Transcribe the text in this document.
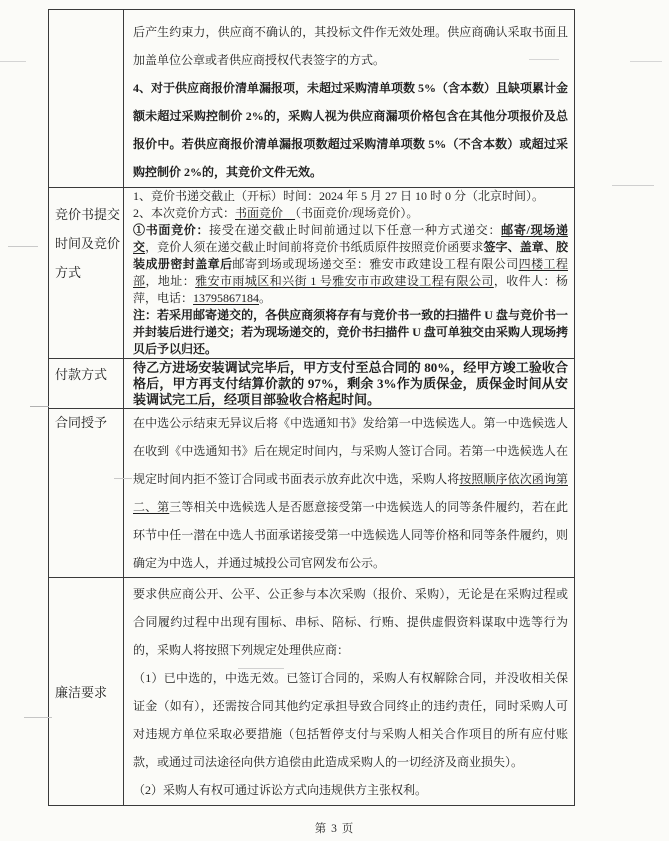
后产生约束力，供应商不确认的，其投标文件作无效处理。供应商确认采取书面且加盖单位公章或者供应商授权代表签字的方式。

4、对于供应商报价清单漏报项，未超过采购清单项数 5%（含本数）且缺项累计金额未超过采购控制价 2%的，采购人视为供应商漏项价格包含在其他分项报价及总报价中。若供应商报价清单漏报项数超过采购清单项数 5%（不含本数）或超过采购控制价 2%的，其竞价文件无效。

竞价书提交时间及竞价方式

1、竞价书递交截止（开标）时间：2024 年 5 月 27 日 10 时 0 分（北京时间）。

2、本次竞价方式：书面竞价　（书面竞价/现场竞价）。

①书面竞价：接受在递交截止时间前通过以下任意一种方式递交：邮寄/现场递交，竞价人须在递交截止时间前将竞价书纸质原件按照竞价函要求签字、盖章、胶装成册密封盖章后邮寄到场或现场递交至：雅安市政建设工程有限公司四楼工程部，地址：雅安市雨城区和兴街 1 号雅安市市政建设工程有限公司，收件人：杨萍，电话：13795867184。

注：若采用邮寄递交的，各供应商须将存有与竞价书一致的扫描件 U 盘与竞价书一并封装后进行递交；若为现场递交的，竞价书扫描件 U 盘可单独交由采购人现场拷贝后予以归还。

付款方式	待乙方进场安装调试完毕后，甲方支付至总合同的 80%，经甲方竣工验收合格后，甲方再支付结算价款的 97%，剩余 3%作为质保金，质保金时间从安装调试完工后，经项目部验收合格起时间。

合同授予	在中选公示结束无异议后将《中选通知书》发给第一中选候选人。第一中选候选人在收到《中选通知书》后在规定时间内，与采购人签订合同。若第一中选候选人在规定时间内拒不签订合同或书面表示放弃此次中选，采购人将按照顺序依次函询第二、第三等相关中选候选人是否愿意接受第一中选候选人的同等条件履约，若在此环节中任一潜在中选人书面承诺接受第一中选候选人同等价格和同等条件履约，则确定为中选人，并通过城投公司官网发布公示。

廉洁要求

要求供应商公开、公平、公正参与本次采购（报价、采购），无论是在采购过程或合同履约过程中出现有围标、串标、陪标、行贿、提供虚假资料谋取中选等行为的，采购人将按照下列规定处理供应商：

（1）已中选的，中选无效。已签订合同的，采购人有权解除合同，并没收相关保证金（如有），还需按合同其他约定承担导致合同终止的违约责任，同时采购人可对违规方单位采取必要措施（包括暂停支付与采购人相关合作项目的所有应付账款，或通过司法途径向供方追偿由此造成采购人的一切经济及商业损失）。

（2）采购人有权可通过诉讼方式向违规供方主张权利。

第 3 页
